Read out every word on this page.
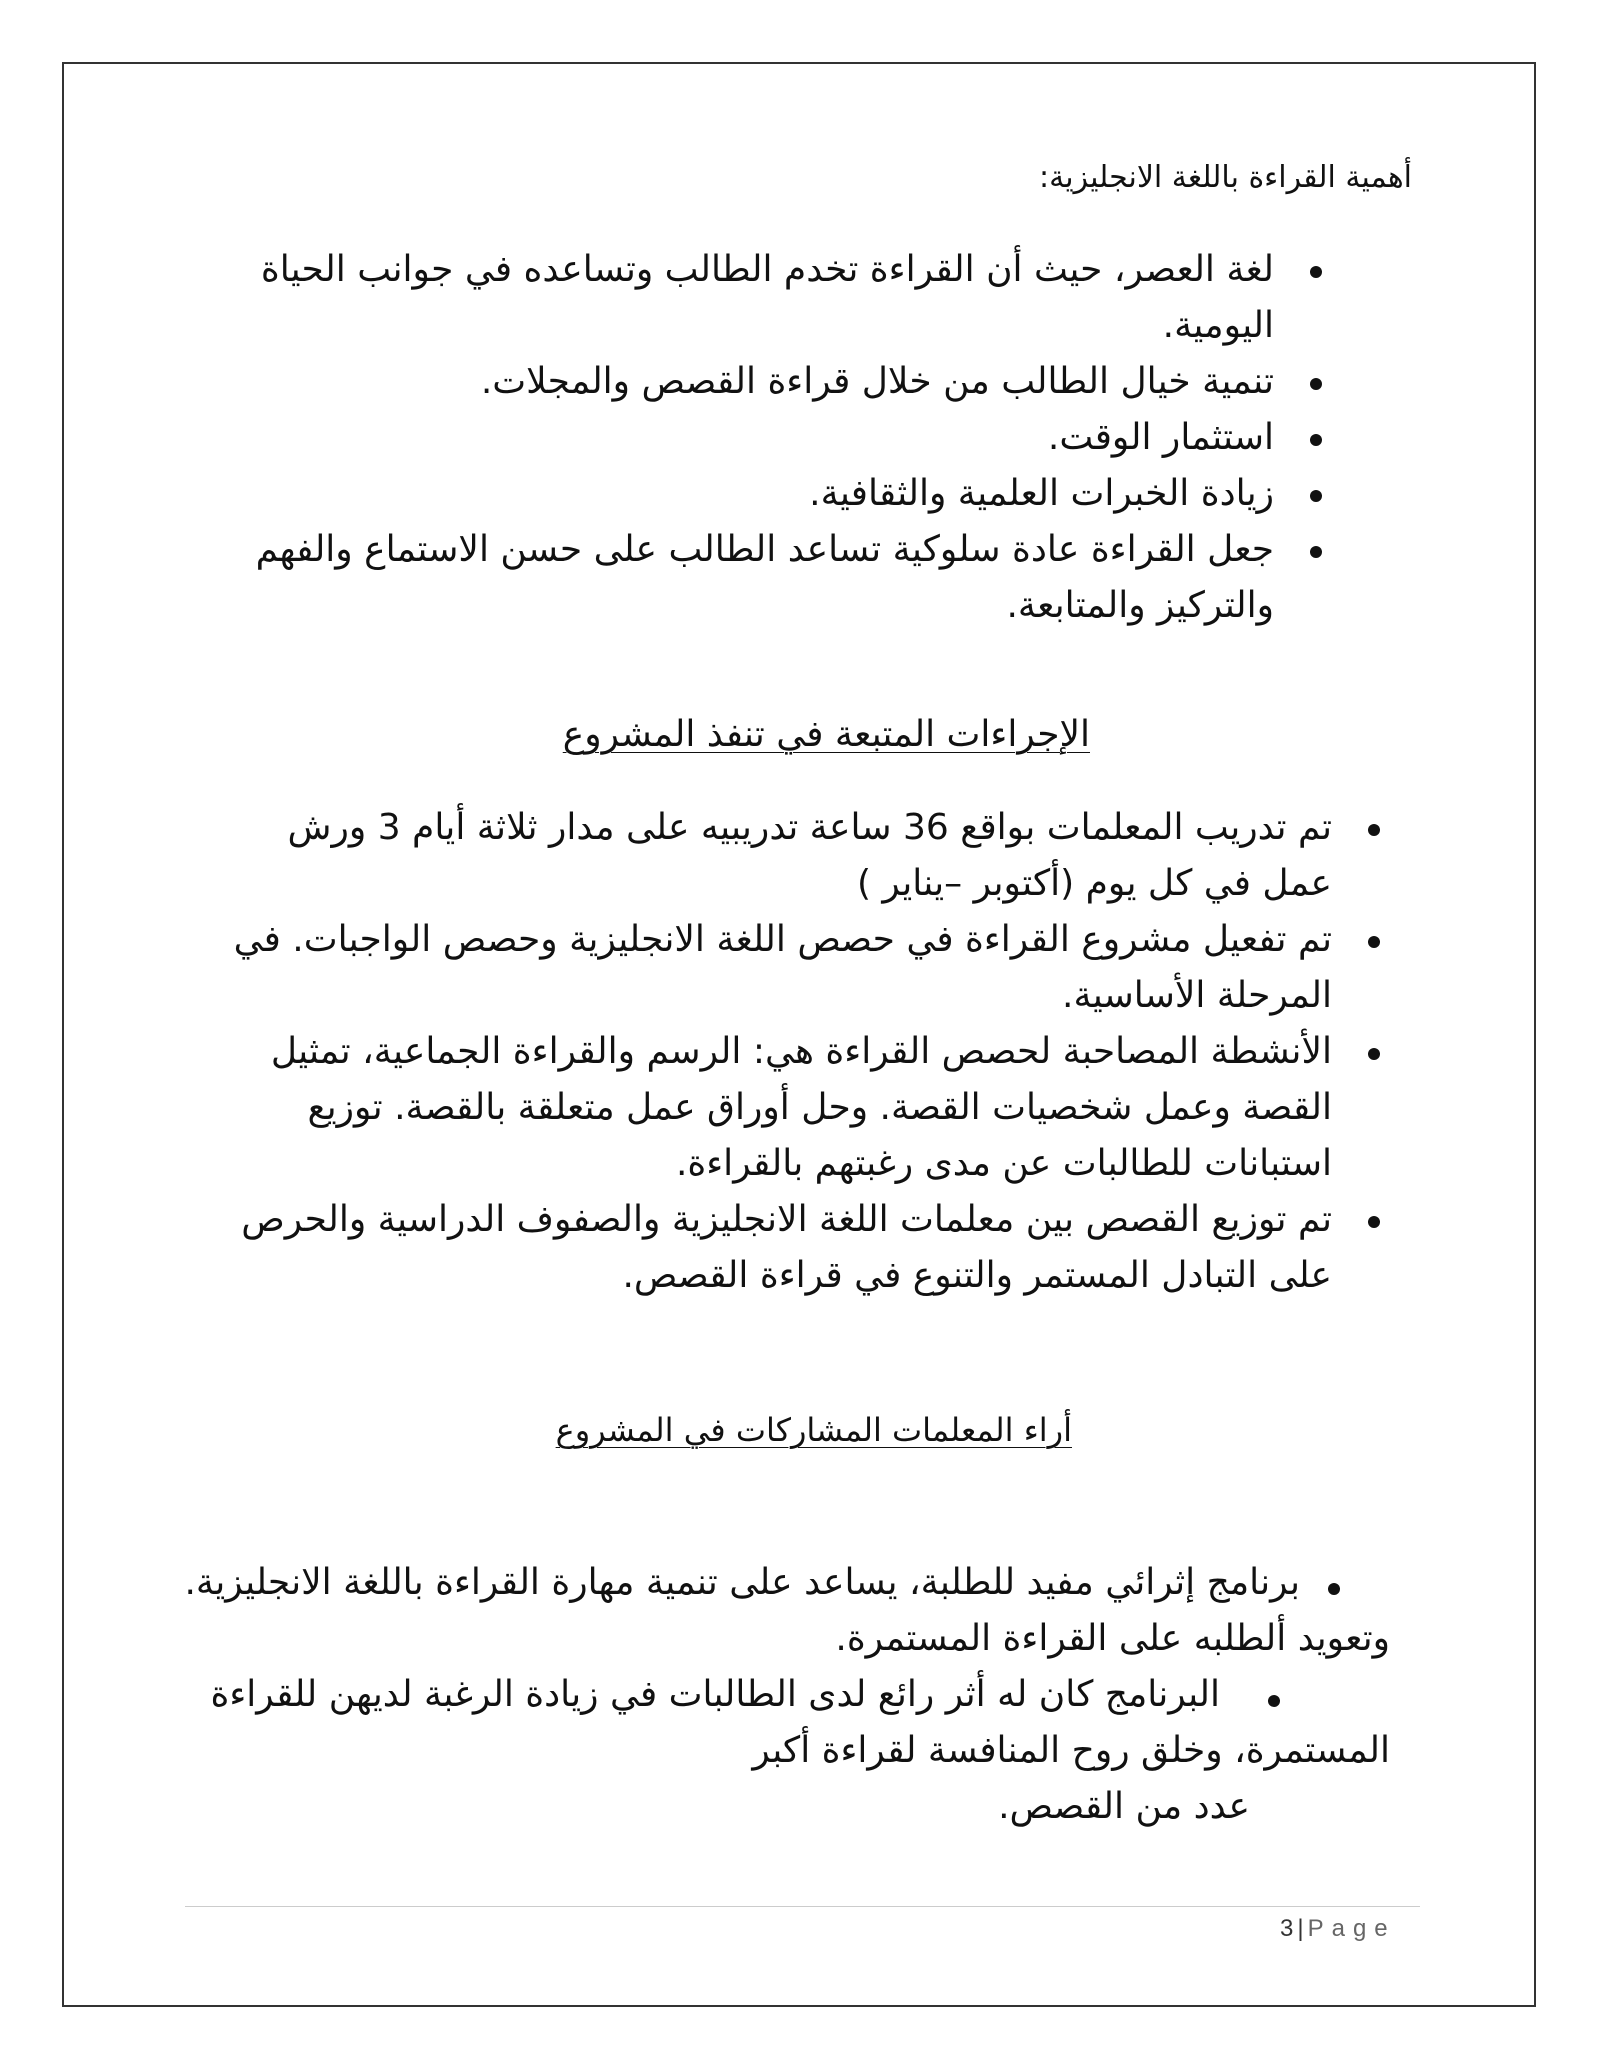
أهمية القراءة باللغة الانجليزية:
لغة العصر، حيث أن القراءة تخدم الطالب وتساعده في جوانب الحياة اليومية.
تنمية خيال الطالب من خلال قراءة القصص والمجلات.
استثمار الوقت.
زيادة الخبرات العلمية والثقافية.
جعل القراءة عادة سلوكية تساعد الطالب على حسن الاستماع والفهم والتركيز والمتابعة.
الإجراءات المتبعة في تنفذ المشروع
تم تدريب المعلمات بواقع 36 ساعة تدريبيه على مدار ثلاثة أيام 3 ورش عمل في كل يوم (أكتوبر –يناير )
تم تفعيل مشروع القراءة في حصص اللغة الانجليزية وحصص الواجبات. في المرحلة الأساسية.
الأنشطة المصاحبة لحصص القراءة هي: الرسم والقراءة الجماعية، تمثيل القصة وعمل شخصيات القصة. وحل أوراق عمل متعلقة بالقصة. توزيع استبانات للطالبات عن مدى رغبتهم بالقراءة.
تم توزيع القصص بين معلمات اللغة الانجليزية والصفوف الدراسية والحرص على التبادل المستمر والتنوع في قراءة القصص.
أراء المعلمات المشاركات في المشروع
برنامج إثرائي مفيد للطلبة، يساعد على تنمية مهارة القراءة باللغة الانجليزية.
وتعويد ألطلبه على القراءة المستمرة.
البرنامج كان له أثر رائع لدى الطالبات في زيادة الرغبة لديهن للقراءة
المستمرة، وخلق روح المنافسة لقراءة أكبر
عدد من القصص.
3 | Page
